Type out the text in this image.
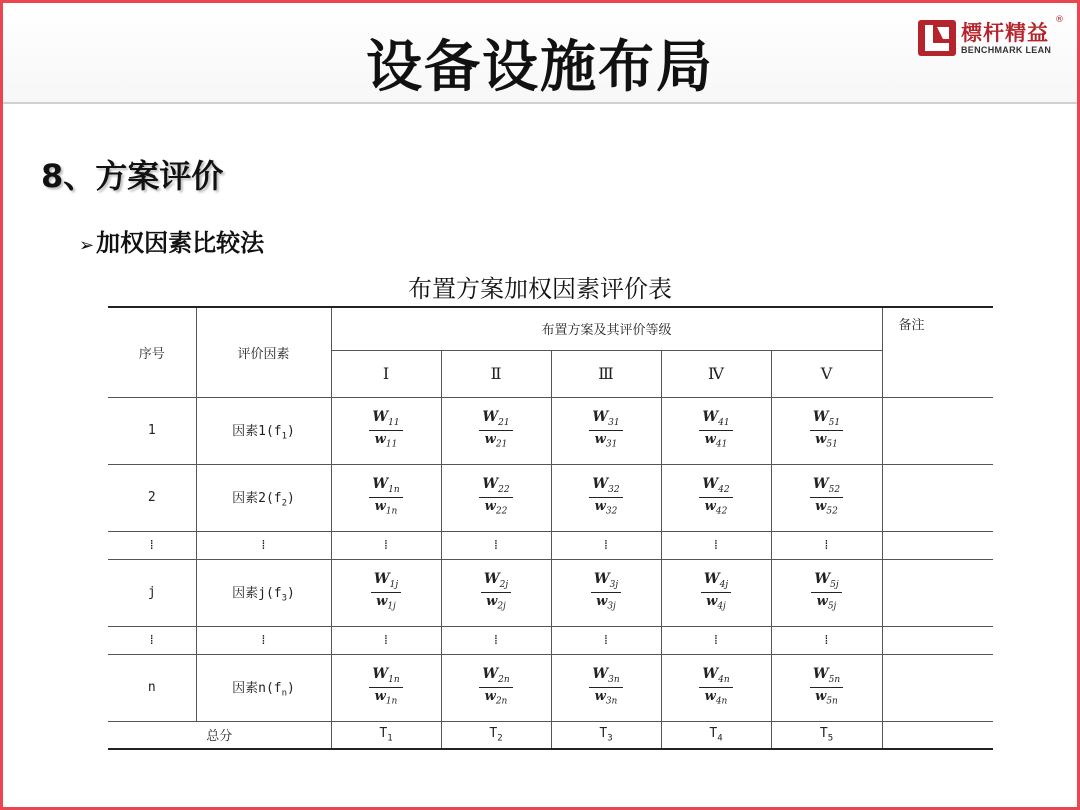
设备设施布局
標杆精益
®
BENCHMARK LEAN
8、方案评价
➢加权因素比较法
布置方案加权因素评价表
序号	评价因素	布置方案及其评价等级					备注
		Ⅰ	Ⅱ	Ⅲ	Ⅳ	Ⅴ	
1	因素$1(f_1)$	$\frac{W_{11}}{w_{11}}$	$\frac{W_{21}}{w_{21}}$	$\frac{W_{31}}{w_{31}}$	$\frac{W_{41}}{w_{41}}$	$\frac{W_{51}}{w_{51}}$

2	因素$2(f_2)$	$\frac{W_{1n}}{w_{1n}}$	$\frac{W_{22}}{w_{22}}$	$\frac{W_{32}}{w_{32}}$	$\frac{W_{42}}{w_{42}}$	$\frac{W_{52}}{w_{52}}$

⁞	⁞	⁞	⁞	⁞	⁞	⁞	
j	因素$j(f_3)$	$\frac{W_{1j}}{w_{1j}}$	$\frac{W_{2j}}{w_{2j}}$	$\frac{W_{3j}}{w_{3j}}$	$\frac{W_{4j}}{w_{4j}}$	$\frac{W_{5j}}{w_{5j}}$

⁞	⁞	⁞	⁞	⁞	⁞	⁞	
n	因素$n(f_n)$	$\frac{W_{1n}}{w_{1n}}$	$\frac{W_{2n}}{w_{2n}}$	$\frac{W_{3n}}{w_{3n}}$	$\frac{W_{4n}}{w_{4n}}$	$\frac{W_{5n}}{w_{5n}}$

总分		$T_1$	$T_2$	$T_3$	$T_4$	$T_5$	
